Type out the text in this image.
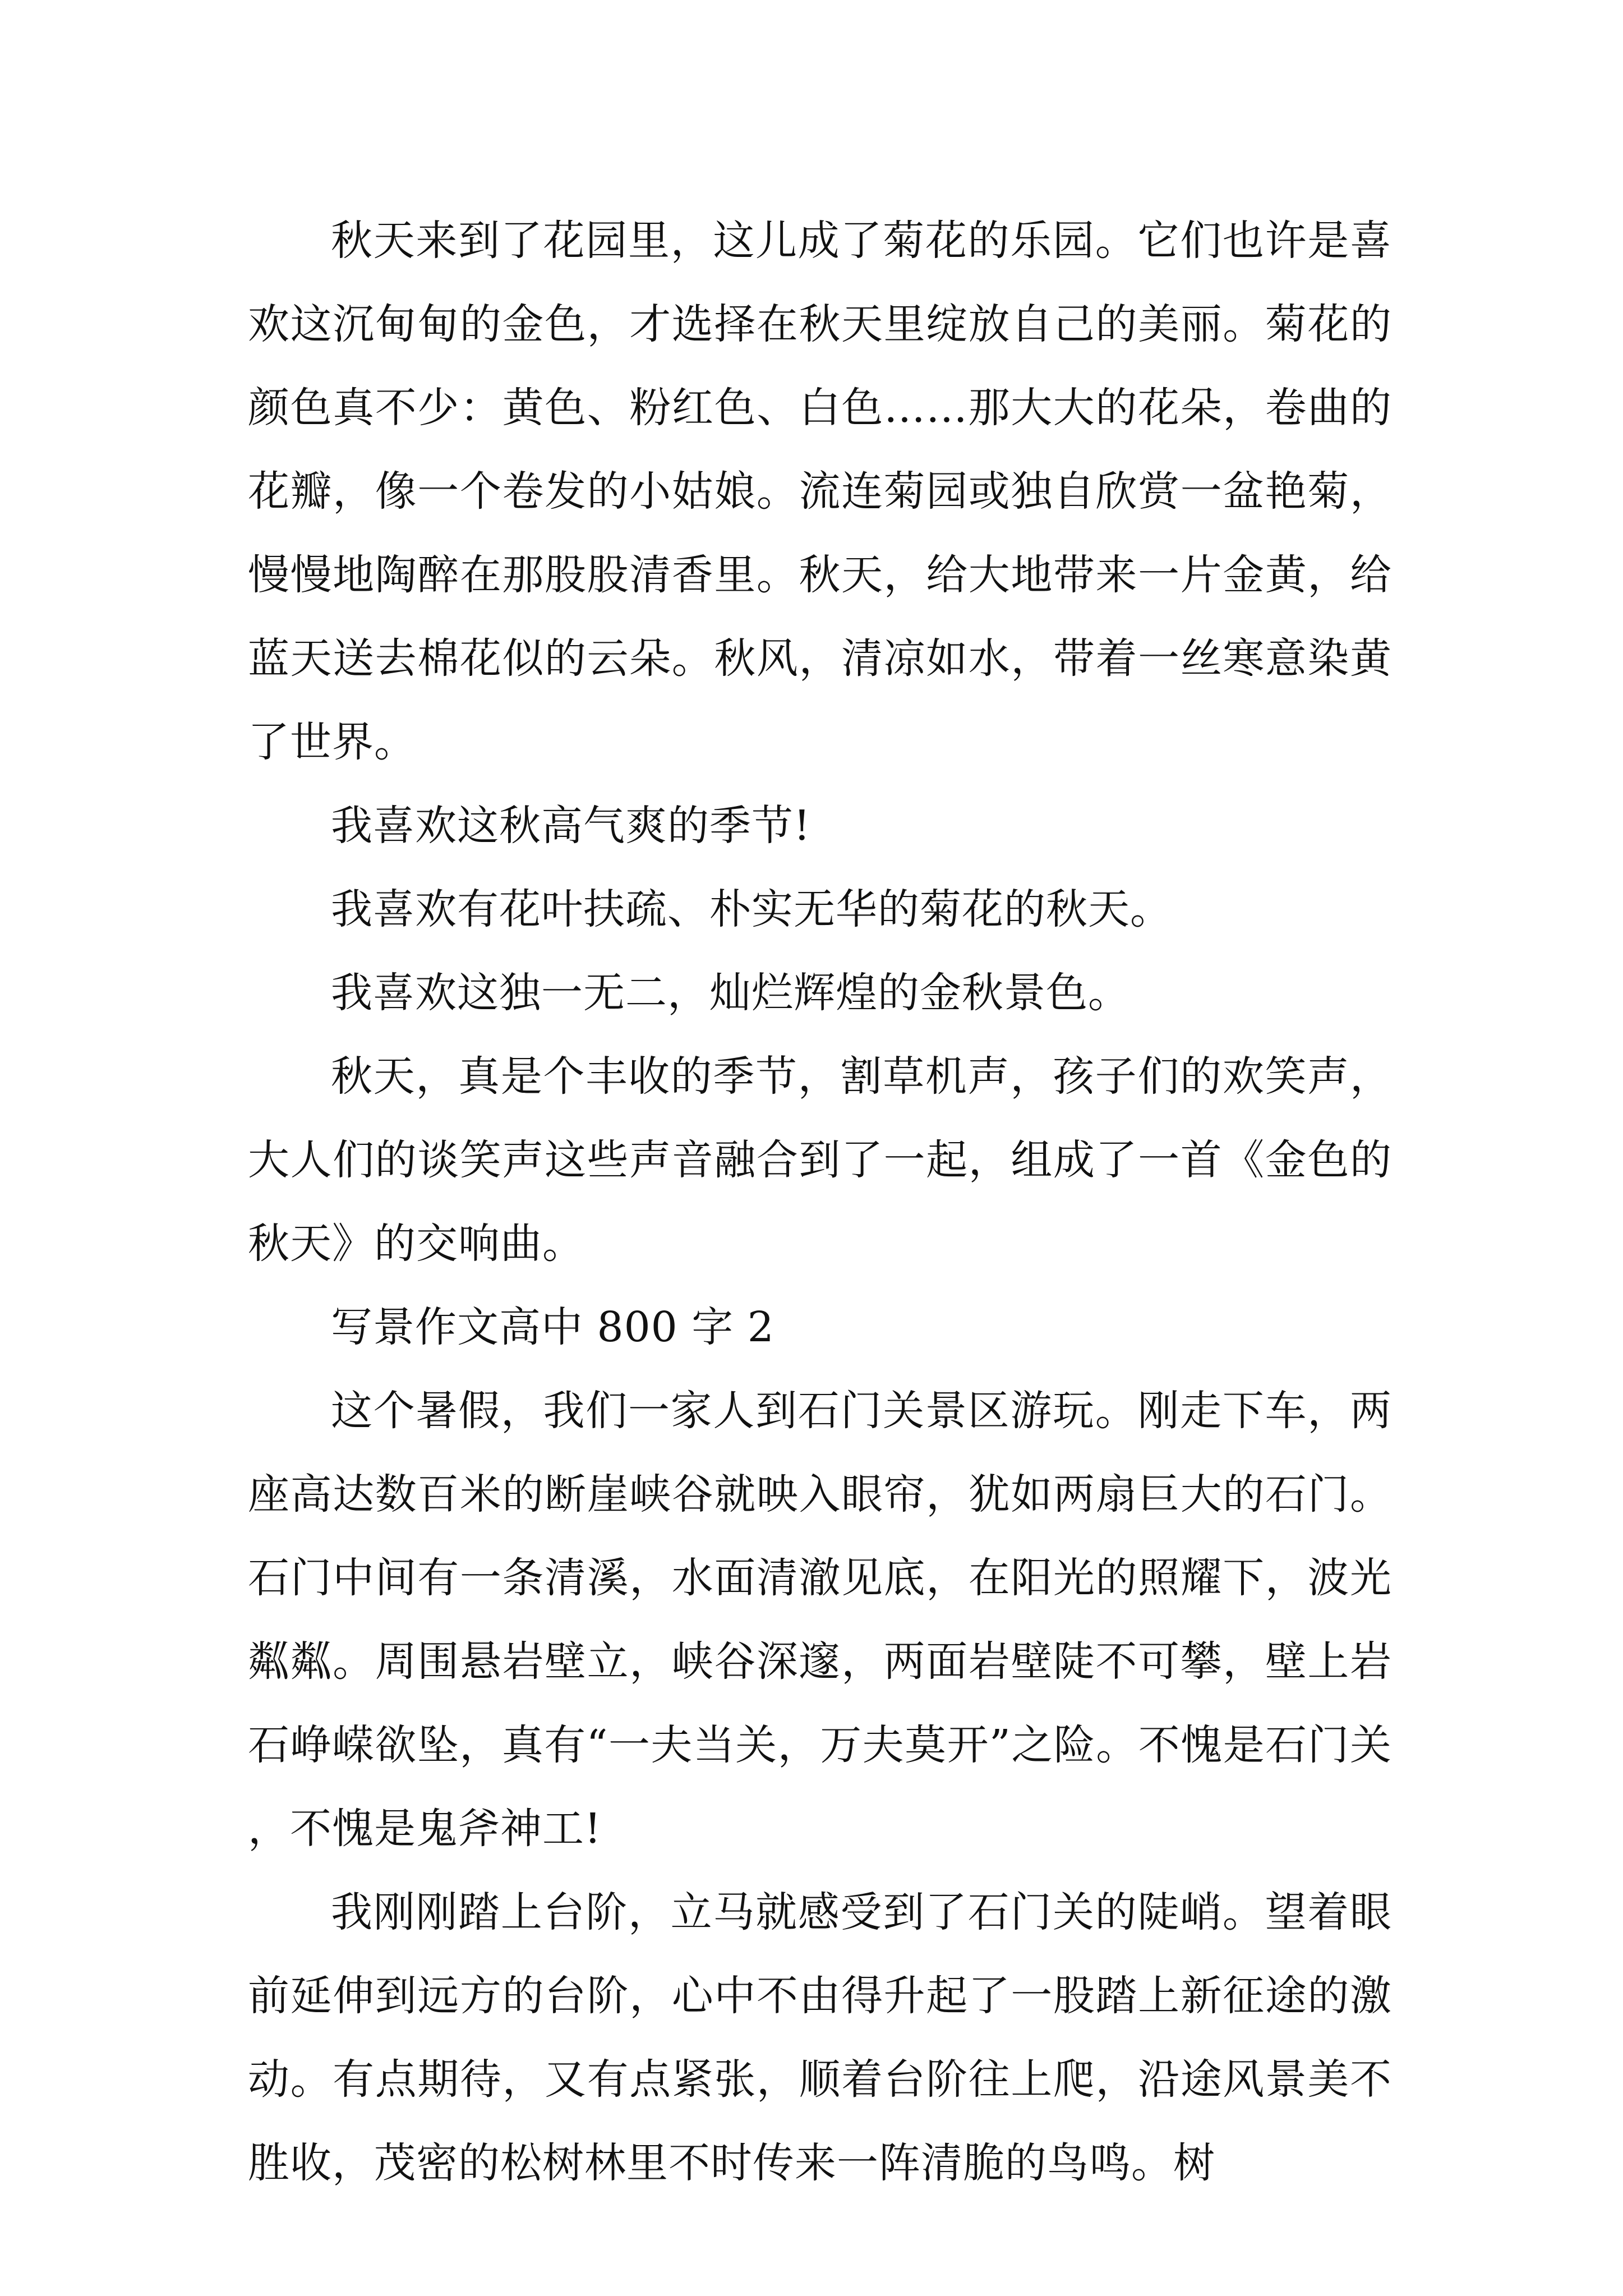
秋天来到了花园里，这儿成了菊花的乐园。它们也许是喜欢这沉甸甸的金色，才选择在秋天里绽放自己的美丽。菊花的颜色真不少：黄色、粉红色、白色……那大大的花朵，卷曲的花瓣，像一个卷发的小姑娘。流连菊园或独自欣赏一盆艳菊，慢慢地陶醉在那股股清香里。秋天，给大地带来一片金黄，给蓝天送去棉花似的云朵。秋风，清凉如水，带着一丝寒意染黄了世界。

我喜欢这秋高气爽的季节!

我喜欢有花叶扶疏、朴实无华的菊花的秋天。

我喜欢这独一无二，灿烂辉煌的金秋景色。

秋天，真是个丰收的季节，割草机声，孩子们的欢笑声，大人们的谈笑声这些声音融合到了一起，组成了一首《金色的秋天》的交响曲。

写景作文高中 800 字 2

这个暑假，我们一家人到石门关景区游玩。刚走下车，两座高达数百米的断崖峡谷就映入眼帘，犹如两扇巨大的石门。石门中间有一条清溪，水面清澈见底，在阳光的照耀下，波光粼粼。周围悬岩壁立，峡谷深邃，两面岩壁陡不可攀，壁上岩石峥嵘欲坠，真有“一夫当关，万夫莫开”之险。不愧是石门关，不愧是鬼斧神工!

我刚刚踏上台阶，立马就感受到了石门关的陡峭。望着眼前延伸到远方的台阶，心中不由得升起了一股踏上新征途的激动。有点期待，又有点紧张，顺着台阶往上爬，沿途风景美不胜收，茂密的松树林里不时传来一阵清脆的鸟鸣。树
